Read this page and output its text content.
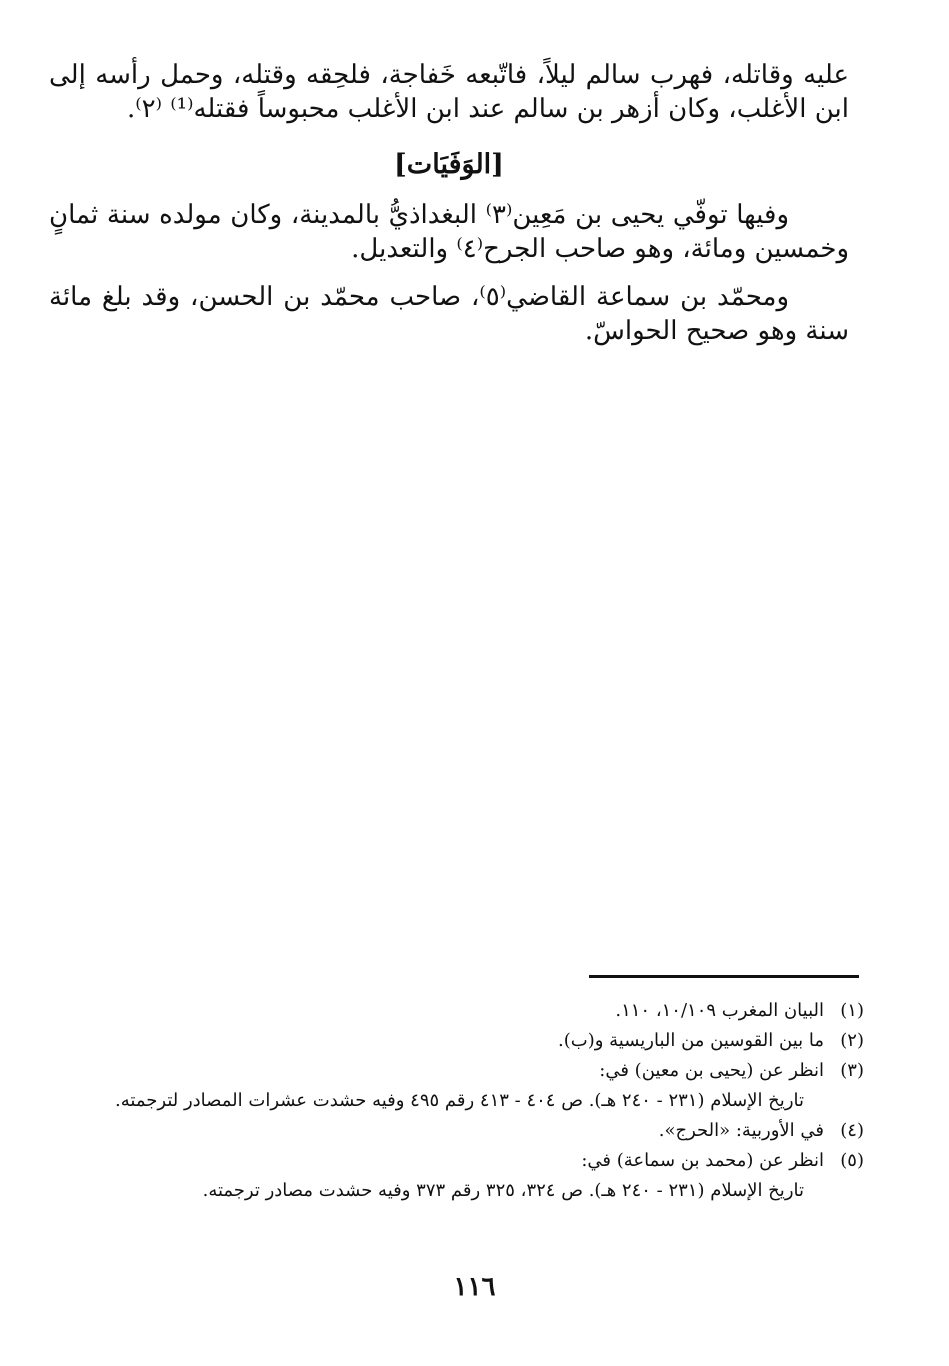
عليه وقاتله، فهرب سالم ليلاً، فاتّبعه خَفاجة، فلحِقه وقتله، وحمل رأسه إلى ابن الأغلب، وكان أزهر بن سالم عند ابن الأغلب محبوساً فقتله⁽¹⁾ ⁽٢⁾.

[الوَفَيَات]

وفيها توفّي يحيى بن مَعِين⁽٣⁾ البغداذيُّ بالمدينة، وكان مولده سنة ثمانٍ وخمسين ومائة، وهو صاحب الجرح⁽٤⁾ والتعديل.

ومحمّد بن سماعة القاضي⁽٥⁾، صاحب محمّد بن الحسن، وقد بلغ مائة سنة وهو صحيح الحواسّ.

(١)
البيان المغرب ١٠/١٠٩، ١١٠.
(٢)
ما بين القوسين من الباريسية و(ب).
(٣)
انظر عن (يحيى بن معين) في:
تاريخ الإسلام (٢٣١ - ٢٤٠ هـ). ص ٤٠٤ - ٤١٣ رقم ٤٩٥ وفيه حشدت عشرات المصادر لترجمته.
(٤)
في الأوربية: «الحرج».
(٥)
انظر عن (محمد بن سماعة) في:
تاريخ الإسلام (٢٣١ - ٢٤٠ هـ). ص ٣٢٤، ٣٢٥ رقم ٣٧٣ وفيه حشدت مصادر ترجمته.
١١٦
